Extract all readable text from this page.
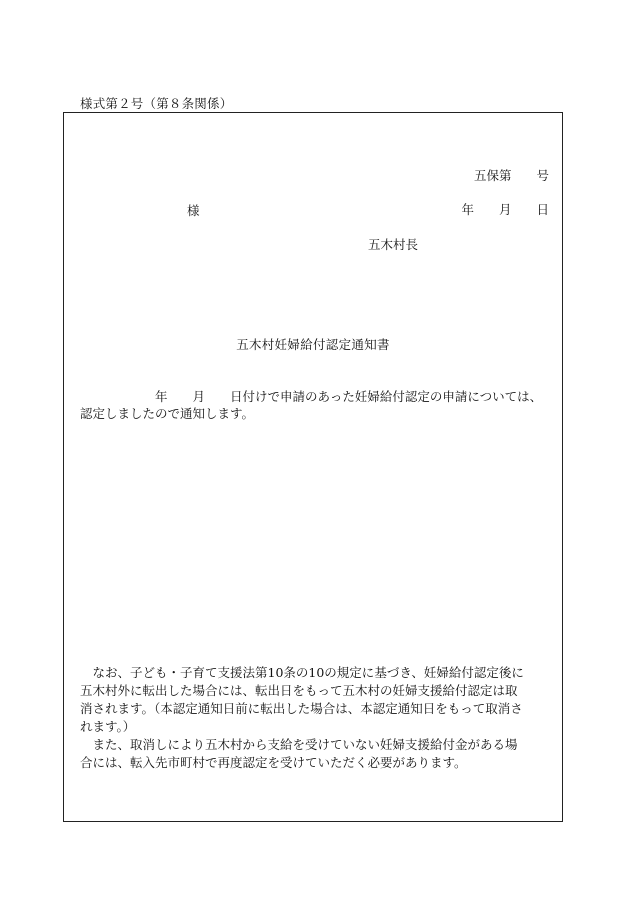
様式第２号（第８条関係）

五保第　　号

年　　月　　日

様
五木村長
五木村妊婦給付認定通知書
　　　　　　年　　月　　日付けで申請のあった妊婦給付認定の申請については、
認定しましたので通知します。
　なお、子ども・子育て支援法第10条の10の規定に基づき、妊婦給付認定後に
五木村外に転出した場合には、転出日をもって五木村の妊婦支援給付認定は取
消されます。（本認定通知日前に転出した場合は、本認定通知日をもって取消さ
れます。）
　また、取消しにより五木村から支給を受けていない妊婦支援給付金がある場
合には、転入先市町村で再度認定を受けていただく必要があります。
